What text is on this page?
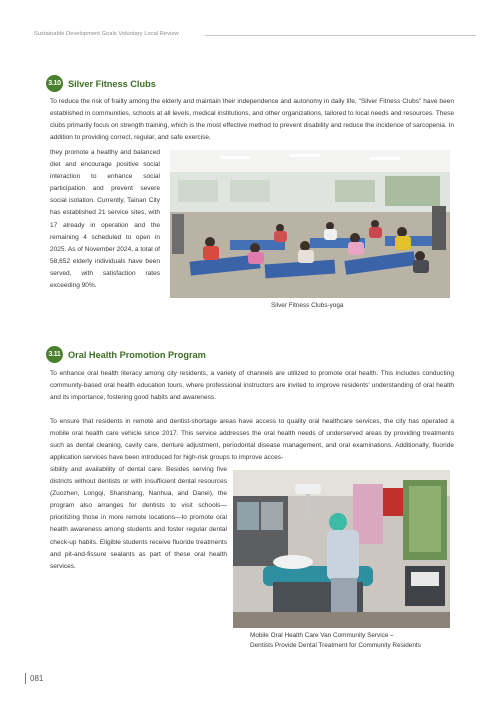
Sustainable Development Goals Voluntary Local Review
3.10 Silver Fitness Clubs
To reduce the risk of frailty among the elderly and maintain their independence and autonomy in daily life, "Silver Fitness Clubs" have been established in communities, schools at all levels, medical institutions, and other organizations, tailored to local needs and resources. These clubs primarily focus on strength training, which is the most effective method to prevent disability and reduce the incidence of sarcopenia. In addition to providing correct, regular, and safe exercise,
they promote a healthy and balanced diet and encourage positive social interaction to enhance social participation and prevent severe social isolation. Currently, Tainan City has established 21 service sites, with 17 already in operation and the remaining 4 scheduled to open in 2025. As of November 2024, a total of 58,652 elderly individuals have been served, with satisfaction rates exceeding 90%.
Silver Fitness Clubs-yoga
3.11 Oral Health Promotion Program
To enhance oral health literacy among city residents, a variety of channels are utilized to promote oral health. This includes conducting community-based oral health education tours, where professional instructors are invited to improve residents' understanding of oral health and its importance, fostering good habits and awareness.
To ensure that residents in remote and dentist-shortage areas have access to quality oral healthcare services, the city has operated a mobile oral health care vehicle since 2017. This service addresses the oral health needs of underserved areas by providing treatments such as dental cleaning, cavity care, denture adjustment, periodontal disease management, and oral examinations. Additionally, fluoride application services have been introduced for high-risk groups to improve acces-
sibility and availability of dental care. Besides serving five districts without dentists or with insufficient dental resources (Zuozhen, Longqi, Shanshang, Nanhua, and Danei), the program also arranges for dentists to visit schools—prioritizing those in more remote locations—to promote oral health awareness among students and foster regular dental check-up habits. Eligible students receive fluoride treatments and pit-and-fissure sealants as part of these oral health services.
Mobile Oral Health Care Van Community Service –
Dentists Provide Dental Treatment for Community Residents
081
